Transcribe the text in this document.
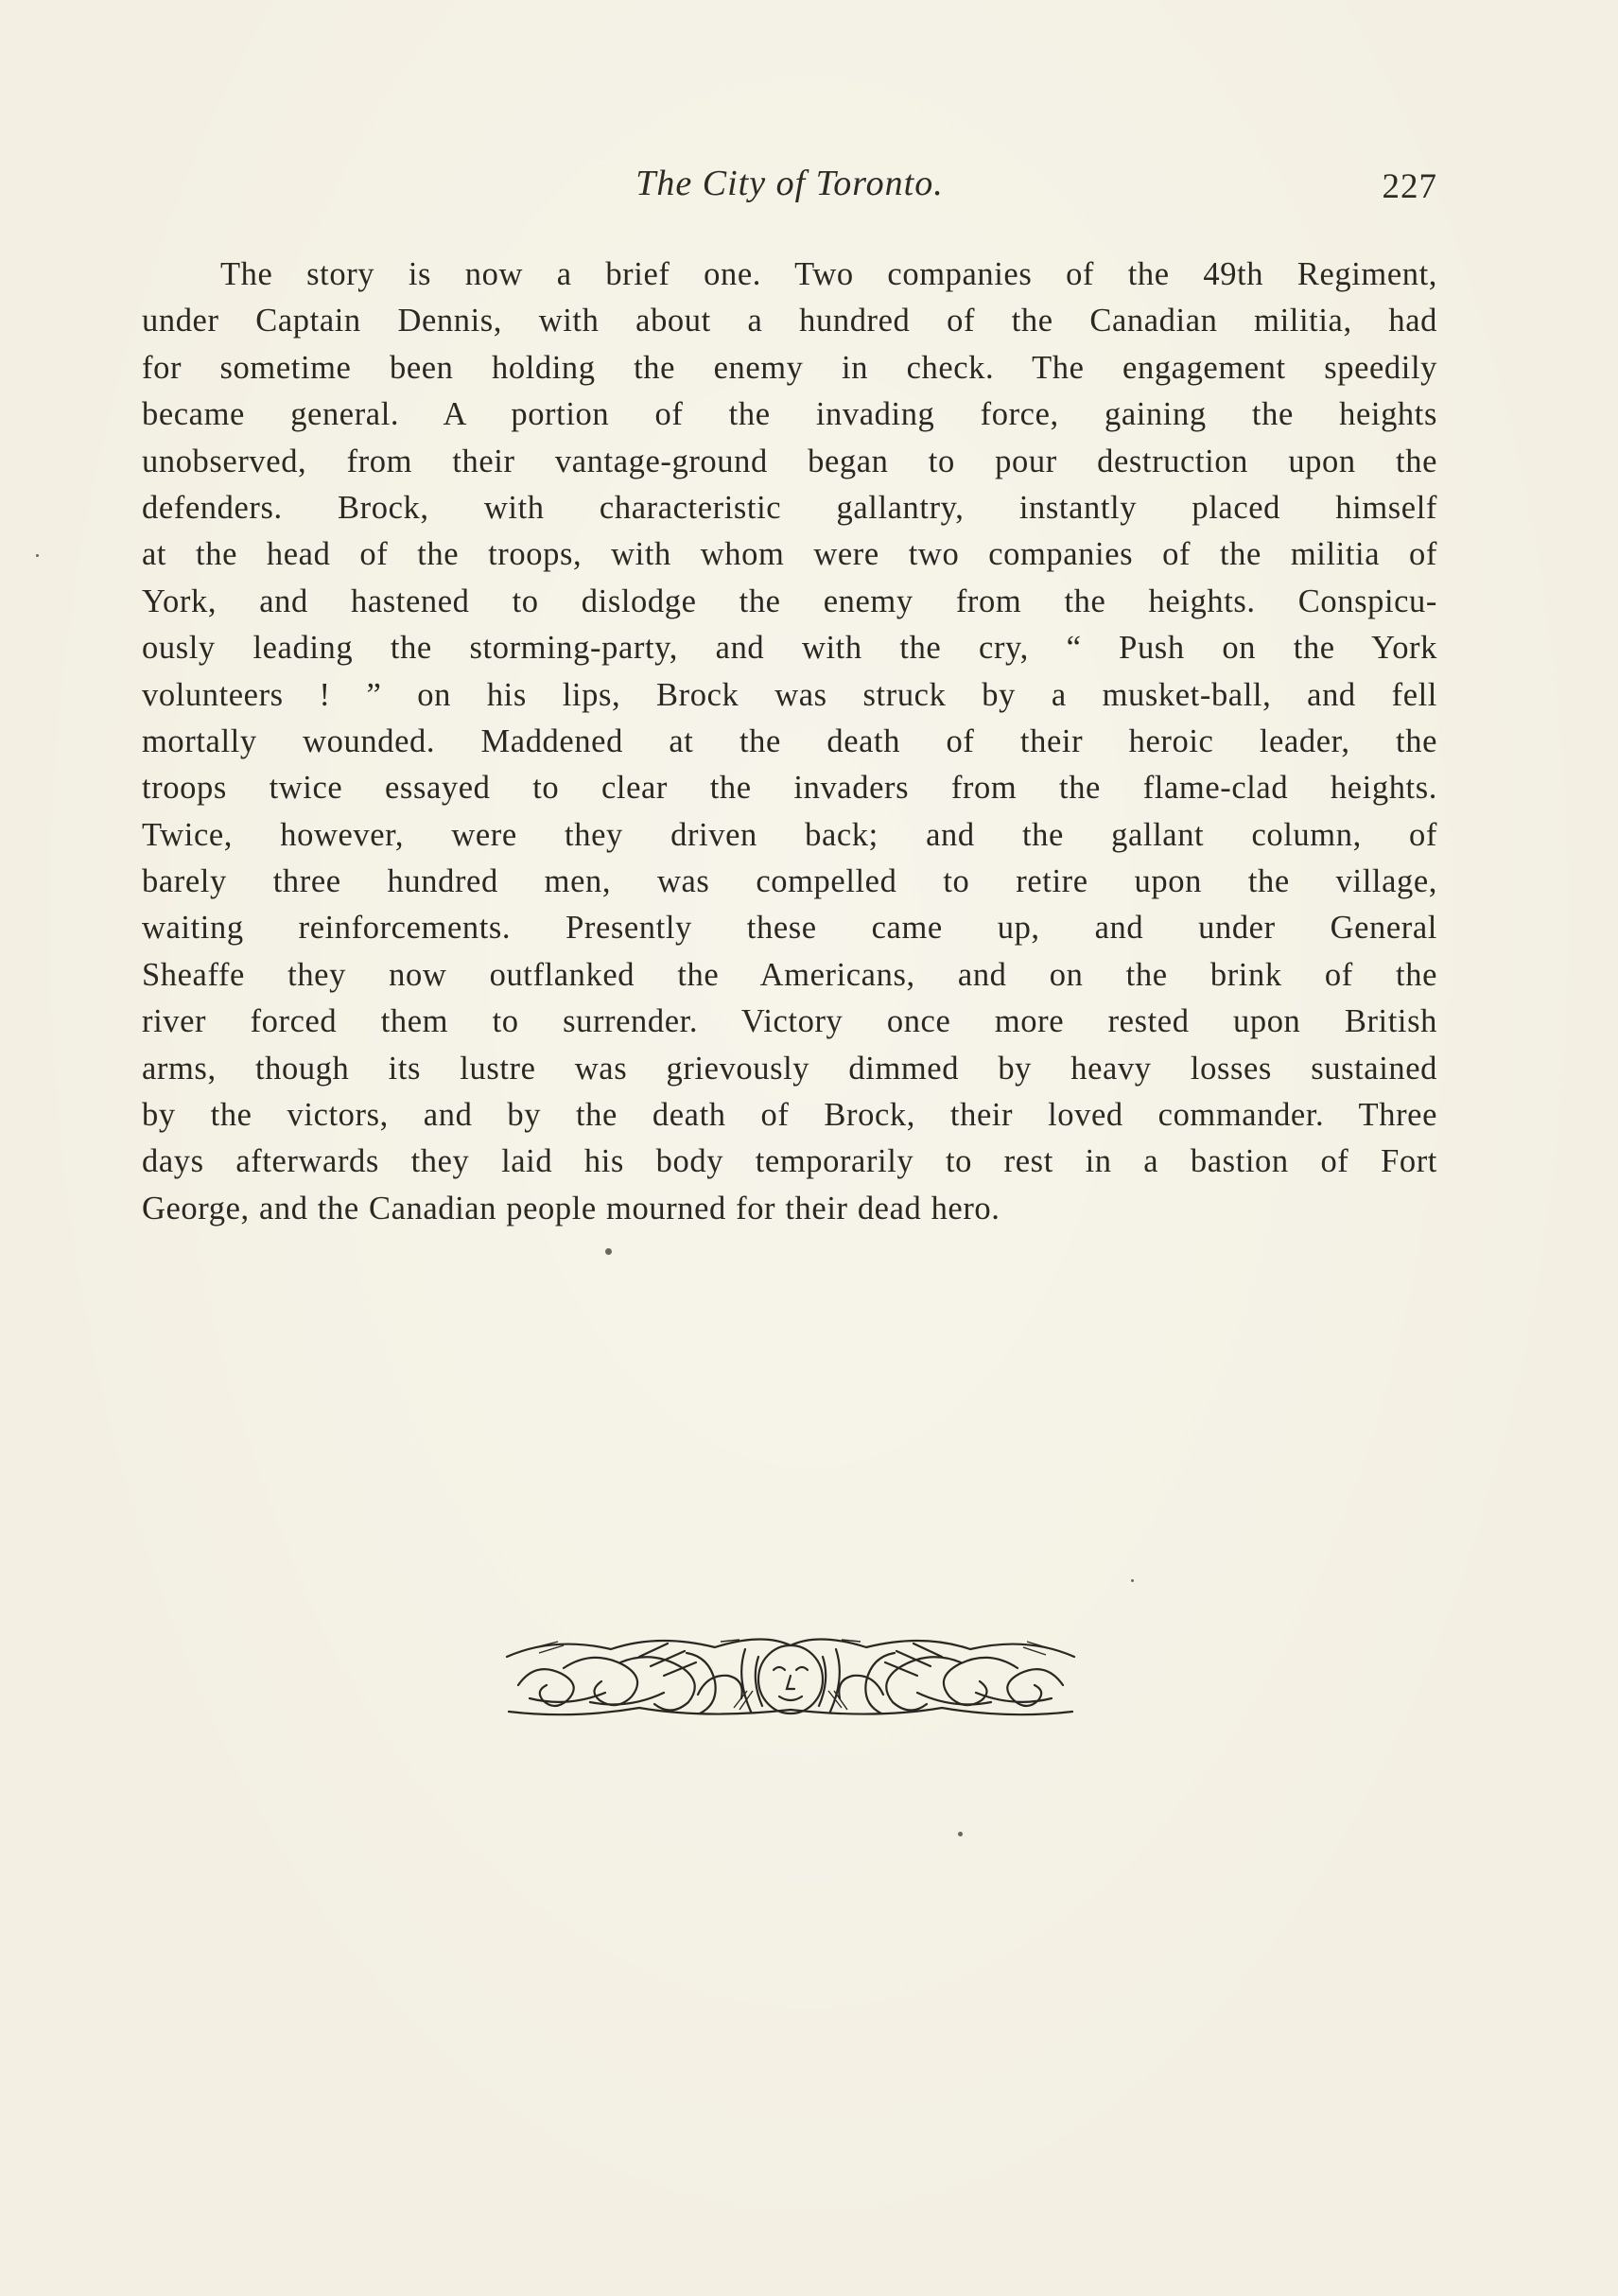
The City of Toronto.	227
The story is now a brief one. Two companies of the 49th Regiment,
under Captain Dennis, with about a hundred of the Canadian militia, had
for sometime been holding the enemy in check. The engagement speedily
became general. A portion of the invading force, gaining the heights
unobserved, from their vantage-ground began to pour destruction upon the
defenders. Brock, with characteristic gallantry, instantly placed himself
at the head of the troops, with whom were two companies of the militia of
York, and hastened to dislodge the enemy from the heights. Conspicu-
ously leading the storming-party, and with the cry, “ Push on the York
volunteers ! ” on his lips, Brock was struck by a musket-ball, and fell
mortally wounded. Maddened at the death of their heroic leader, the
troops twice essayed to clear the invaders from the flame-clad heights.
Twice, however, were they driven back; and the gallant column, of
barely three hundred men, was compelled to retire upon the village,
waiting reinforcements. Presently these came up, and under General
Sheaffe they now outflanked the Americans, and on the brink of the
river forced them to surrender. Victory once more rested upon British
arms, though its lustre was grievously dimmed by heavy losses sustained
by the victors, and by the death of Brock, their loved commander. Three
days afterwards they laid his body temporarily to rest in a bastion of Fort
George, and the Canadian people mourned for their dead hero.
